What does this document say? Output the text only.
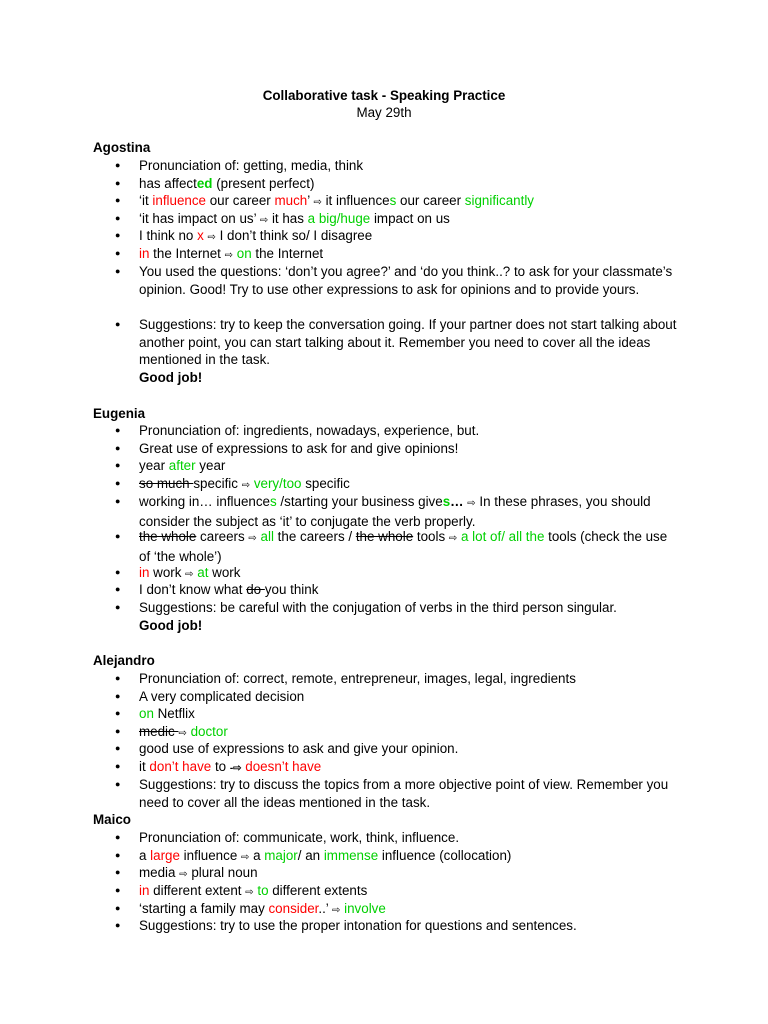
Collaborative task - Speaking Practice
May 29th
Agostina
● Pronunciation of: getting, media, think
● has affected (present perfect)
● ‘it influence our career much’ ⇨ it influences our career significantly
● ‘it has impact on us’ ⇨ it has a big/huge impact on us
● I think no x ⇨ I don’t think so/ I disagree
● in the Internet ⇨ on the Internet
● You used the questions: ‘don’t you agree?’ and ‘do you think..? to ask for your classmate’s opinion. Good! Try to use other expressions to ask for opinions and to provide yours.
● Suggestions: try to keep the conversation going. If your partner does not start talking about another point, you can start talking about it. Remember you need to cover all the ideas mentioned in the task.
Good job!
Eugenia
● Pronunciation of: ingredients, nowadays, experience, but.
● Great use of expressions to ask for and give opinions!
● year after year
● so much specific ⇨ very/too specific
● working in… influences /starting your business gives… ⇨ In these phrases, you should consider the subject as ‘it’ to conjugate the verb properly.
● the whole careers ⇨ all the careers / the whole tools ⇨ a lot of/ all the tools (check the use of ‘the whole’)
● in work ⇨ at work
● I don’t know what do you think
● Suggestions: be careful with the conjugation of verbs in the third person singular.
Good job!
Alejandro
● Pronunciation of: correct, remote, entrepreneur, images, legal, ingredients
● A very complicated decision
● on Netflix
● medic ⇨ doctor
● good use of expressions to ask and give your opinion.
● it don’t have to -⇨ doesn’t have
● Suggestions: try to discuss the topics from a more objective point of view. Remember you need to cover all the ideas mentioned in the task.
Maico
● Pronunciation of: communicate, work, think, influence.
● a large influence ⇨ a major/ an immense influence (collocation)
● media ⇨ plural noun
● in different extent ⇨ to different extents
● ‘starting a family may consider..’ ⇨ involve
● Suggestions: try to use the proper intonation for questions and sentences.
